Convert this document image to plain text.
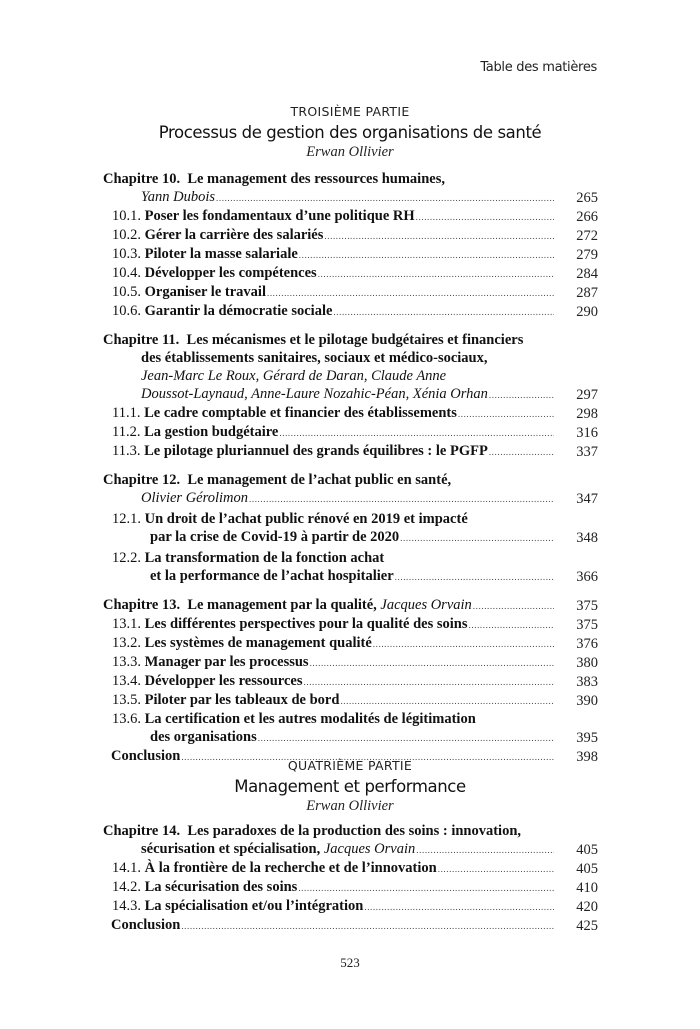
Table des matières
TROISIÈME PARTIE
Processus de gestion des organisations de santé
Erwan Ollivier
Chapitre 10. Le management des ressources humaines,
Yann Dubois .....	265
10.1. Poser les fondamentaux d’une politique RH .....	266
10.2. Gérer la carrière des salariés .....	272
10.3. Piloter la masse salariale .....	279
10.4. Développer les compétences .....	284
10.5. Organiser le travail .....	287
10.6. Garantir la démocratie sociale .....	290
Chapitre 11. Les mécanismes et le pilotage budgétaires et financiers
des établissements sanitaires, sociaux et médico-sociaux,
Jean-Marc Le Roux, Gérard de Daran, Claude Anne
Doussot-Laynaud, Anne-Laure Nozahic-Péan, Xénia Orhan .....	297
11.1. Le cadre comptable et financier des établissements .....	298
11.2. La gestion budgétaire .....	316
11.3. Le pilotage pluriannuel des grands équilibres : le PGFP .....	337
Chapitre 12. Le management de l’achat public en santé,
Olivier Gérolimon .....	347
12.1. Un droit de l’achat public rénové en 2019 et impacté
par la crise de Covid-19 à partir de 2020 .....	348
12.2. La transformation de la fonction achat
et la performance de l’achat hospitalier .....	366
Chapitre 13. Le management par la qualité, Jacques Orvain .....	375
13.1. Les différentes perspectives pour la qualité des soins .....	375
13.2. Les systèmes de management qualité .....	376
13.3. Manager par les processus .....	380
13.4. Développer les ressources .....	383
13.5. Piloter par les tableaux de bord .....	390
13.6. La certification et les autres modalités de légitimation
des organisations .....	395
Conclusion .....	398
QUATRIÈME PARTIE
Management et performance
Erwan Ollivier
Chapitre 14. Les paradoxes de la production des soins : innovation,
sécurisation et spécialisation, Jacques Orvain .....	405
14.1. À la frontière de la recherche et de l’innovation .....	405
14.2. La sécurisation des soins .....	410
14.3. La spécialisation et/ou l’intégration .....	420
Conclusion .....	425
523
